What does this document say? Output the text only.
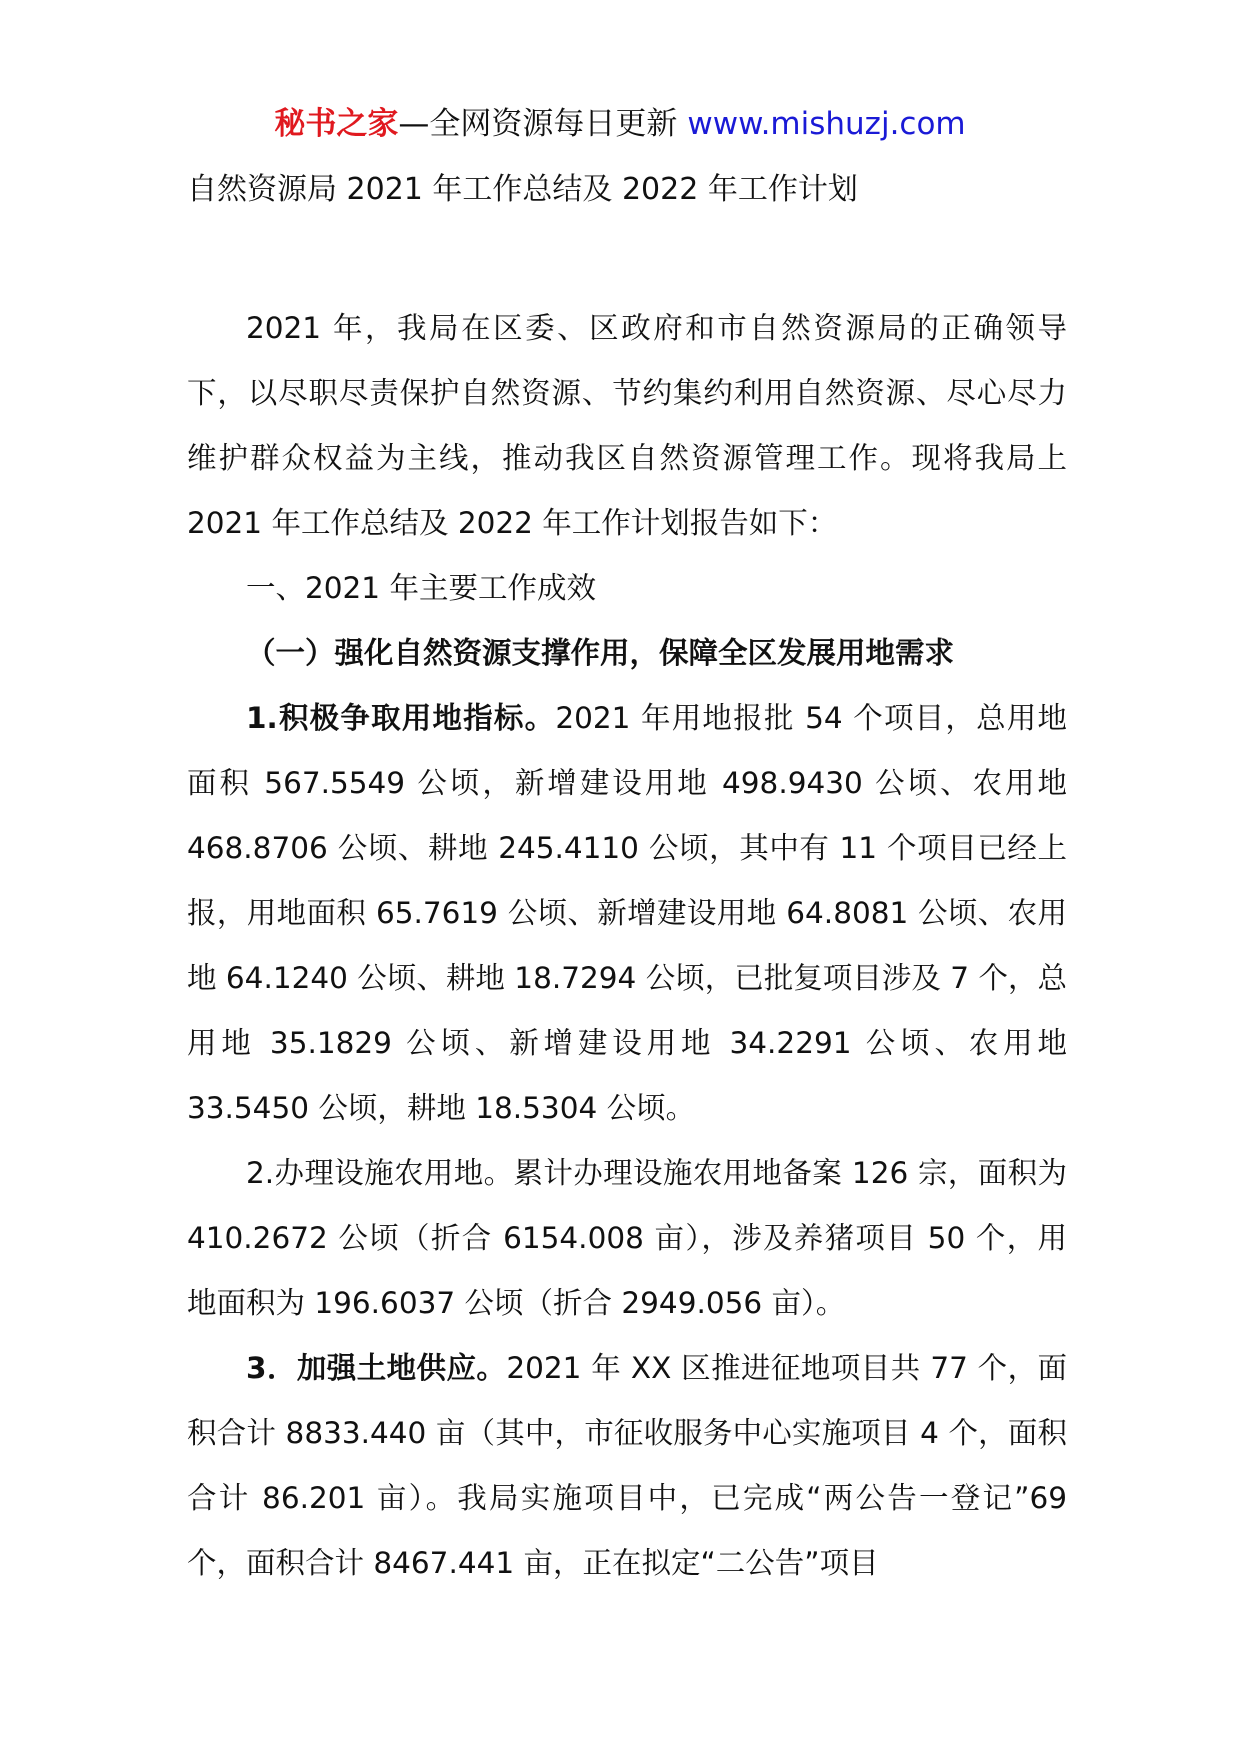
秘书之家—全网资源每日更新 www.mishuzj.com
自然资源局 2021 年工作总结及 2022 年工作计划

2021 年，我局在区委、区政府和市自然资源局的正确领导下，以尽职尽责保护自然资源、节约集约利用自然资源、尽心尽力维护群众权益为主线，推动我区自然资源管理工作。现将我局上 2021 年工作总结及 2022 年工作计划报告如下：

一、2021 年主要工作成效

（一）强化自然资源支撑作用，保障全区发展用地需求

1.积极争取用地指标。2021 年用地报批 54 个项目，总用地面积 567.5549 公顷，新增建设用地 498.9430 公顷、农用地 468.8706 公顷、耕地 245.4110 公顷，其中有 11 个项目已经上报，用地面积 65.7619 公顷、新增建设用地 64.8081 公顷、农用地 64.1240 公顷、耕地 18.7294 公顷，已批复项目涉及 7 个，总用地 35.1829 公顷、新增建设用地 34.2291 公顷、农用地 33.5450 公顷，耕地 18.5304 公顷。

2.办理设施农用地。累计办理设施农用地备案 126 宗，面积为 410.2672 公顷（折合 6154.008 亩），涉及养猪项目 50 个，用地面积为 196.6037 公顷（折合 2949.056 亩）。

3．加强土地供应。2021 年 XX 区推进征地项目共 77 个，面积合计 8833.440 亩（其中，市征收服务中心实施项目 4 个，面积合计 86.201 亩）。我局实施项目中，已完成“两公告一登记”69 个，面积合计 8467.441 亩，正在拟定“二公告”项目
